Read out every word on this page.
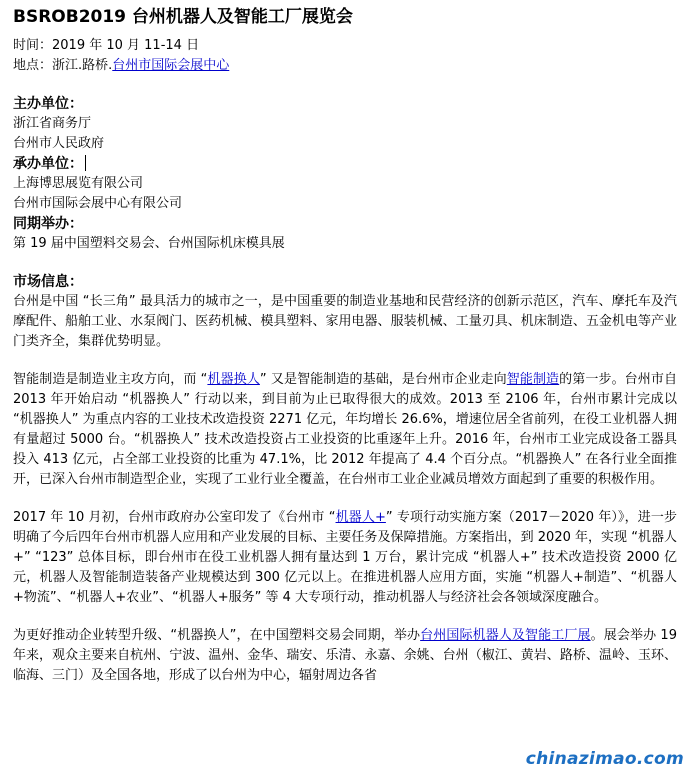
BSROB2019 台州机器人及智能工厂展览会
时间：2019 年 10 月 11-14 日
地点：浙江.路桥.台州市国际会展中心
主办单位：
浙江省商务厅
台州市人民政府
承办单位：
上海博思展览有限公司
台州市国际会展中心有限公司
同期举办：
第 19 届中国塑料交易会、台州国际机床模具展
市场信息：

台州是中国 “长三角” 最具活力的城市之一，是中国重要的制造业基地和民营经济的创新示范区，汽车、摩托车及汽摩配件、船舶工业、水泵阀门、医药机械、模具塑料、家用电器、服装机械、工量刃具、机床制造、五金机电等产业门类齐全，集群优势明显。

智能制造是制造业主攻方向，而 “机器换人” 又是智能制造的基础，是台州市企业走向智能制造的第一步。台州市自 2013 年开始启动 “机器换人” 行动以来，到目前为止已取得很大的成效。2013 至 2106 年，台州市累计完成以 “机器换人” 为重点内容的工业技术改造投资 2271 亿元，年均增长 26.6%，增速位居全省前列，在役工业机器人拥有量超过 5000 台。“机器换人” 技术改造投资占工业投资的比重逐年上升。2016 年，台州市工业完成设备工器具投入 413 亿元，占全部工业投资的比重为 47.1%，比 2012 年提高了 4.4 个百分点。“机器换人” 在各行业全面推开，已深入台州市制造型企业，实现了工业行业全覆盖，在台州市工业企业减员增效方面起到了重要的积极作用。

2017 年 10 月初，台州市政府办公室印发了《台州市 “机器人+” 专项行动实施方案（2017－2020 年）》，进一步明确了今后四年台州市机器人应用和产业发展的目标、主要任务及保障措施。方案指出，到 2020 年，实现 “机器人+” “123” 总体目标，即台州市在役工业机器人拥有量达到 1 万台，累计完成 “机器人+” 技术改造投资 2000 亿元，机器人及智能制造装备产业规模达到 300 亿元以上。在推进机器人应用方面，实施 “机器人+制造”、“机器人+物流”、“机器人+农业”、“机器人+服务” 等 4 大专项行动，推动机器人与经济社会各领域深度融合。

为更好推动企业转型升级、“机器换人”，在中国塑料交易会同期，举办台州国际机器人及智能工厂展。展会举办 19 年来，观众主要来自杭州、宁波、温州、金华、瑞安、乐清、永嘉、余姚、台州（椒江、黄岩、路桥、温岭、玉环、临海、三门）及全国各地，形成了以台州为中心，辐射周边各省

chinazimao.com
